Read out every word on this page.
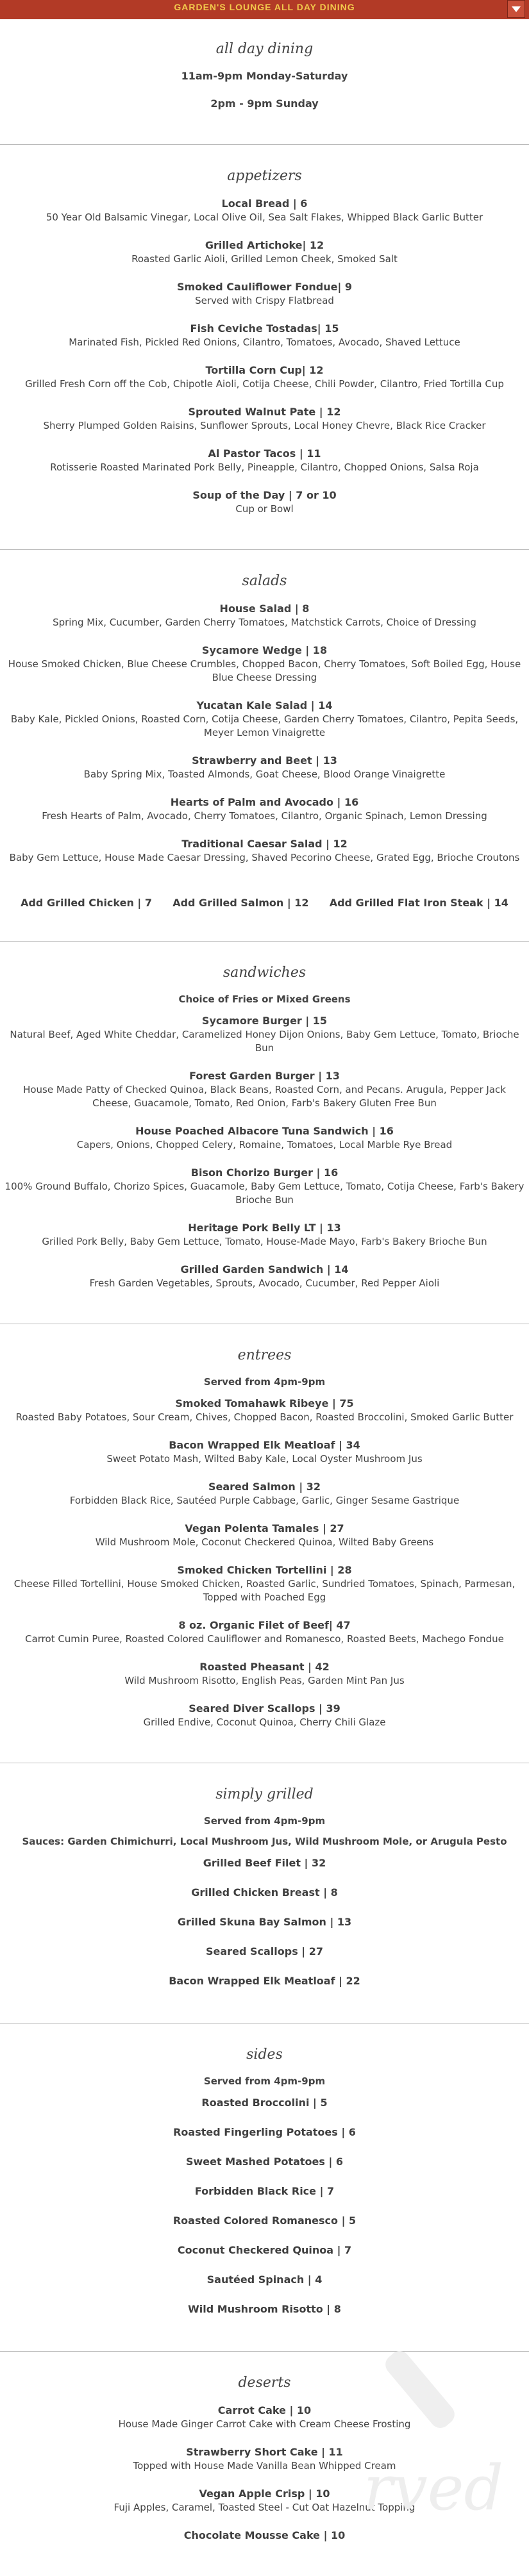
GARDEN'S LOUNGE ALL DAY DINING
all day dining
11am-9pm Monday-Saturday
2pm - 9pm Sunday
appetizers
Local Bread | 6
50 Year Old Balsamic Vinegar, Local Olive Oil, Sea Salt Flakes, Whipped Black Garlic Butter
Grilled Artichoke| 12
Roasted Garlic Aioli, Grilled Lemon Cheek, Smoked Salt
Smoked Cauliflower Fondue| 9
Served with Crispy Flatbread
Fish Ceviche Tostadas| 15
Marinated Fish, Pickled Red Onions, Cilantro, Tomatoes, Avocado, Shaved Lettuce
Tortilla Corn Cup| 12
Grilled Fresh Corn off the Cob, Chipotle Aioli, Cotija Cheese, Chili Powder, Cilantro, Fried Tortilla Cup
Sprouted Walnut Pate | 12
Sherry Plumped Golden Raisins, Sunflower Sprouts, Local Honey Chevre, Black Rice Cracker
Al Pastor Tacos | 11
Rotisserie Roasted Marinated Pork Belly, Pineapple, Cilantro, Chopped Onions, Salsa Roja
Soup of the Day | 7 or 10
Cup or Bowl
salads
House Salad | 8
Spring Mix, Cucumber, Garden Cherry Tomatoes, Matchstick Carrots, Choice of Dressing
Sycamore Wedge | 18
House Smoked Chicken, Blue Cheese Crumbles, Chopped Bacon, Cherry Tomatoes, Soft Boiled Egg, House Blue Cheese Dressing
Yucatan Kale Salad | 14
Baby Kale, Pickled Onions, Roasted Corn, Cotija Cheese, Garden Cherry Tomatoes, Cilantro, Pepita Seeds, Meyer Lemon Vinaigrette
Strawberry and Beet | 13
Baby Spring Mix, Toasted Almonds, Goat Cheese, Blood Orange Vinaigrette
Hearts of Palm and Avocado | 16
Fresh Hearts of Palm, Avocado, Cherry Tomatoes, Cilantro, Organic Spinach, Lemon Dressing
Traditional Caesar Salad | 12
Baby Gem Lettuce, House Made Caesar Dressing, Shaved Pecorino Cheese, Grated Egg, Brioche Croutons
Add Grilled Chicken | 7 Add Grilled Salmon | 12 Add Grilled Flat Iron Steak | 14
sandwiches
Choice of Fries or Mixed Greens
Sycamore Burger | 15
Natural Beef, Aged White Cheddar, Caramelized Honey Dijon Onions, Baby Gem Lettuce, Tomato, Brioche Bun
Forest Garden Burger | 13
House Made Patty of Checked Quinoa, Black Beans, Roasted Corn, and Pecans. Arugula, Pepper Jack Cheese, Guacamole, Tomato, Red Onion, Farb's Bakery Gluten Free Bun
House Poached Albacore Tuna Sandwich | 16
Capers, Onions, Chopped Celery, Romaine, Tomatoes, Local Marble Rye Bread
Bison Chorizo Burger | 16
100% Ground Buffalo, Chorizo Spices, Guacamole, Baby Gem Lettuce, Tomato, Cotija Cheese, Farb's Bakery Brioche Bun
Heritage Pork Belly LT | 13
Grilled Pork Belly, Baby Gem Lettuce, Tomato, House-Made Mayo, Farb's Bakery Brioche Bun
Grilled Garden Sandwich | 14
Fresh Garden Vegetables, Sprouts, Avocado, Cucumber, Red Pepper Aioli
entrees
Served from 4pm-9pm
Smoked Tomahawk Ribeye | 75
Roasted Baby Potatoes, Sour Cream, Chives, Chopped Bacon, Roasted Broccolini, Smoked Garlic Butter
Bacon Wrapped Elk Meatloaf | 34
Sweet Potato Mash, Wilted Baby Kale, Local Oyster Mushroom Jus
Seared Salmon | 32
Forbidden Black Rice, Sautéed Purple Cabbage, Garlic, Ginger Sesame Gastrique
Vegan Polenta Tamales | 27
Wild Mushroom Mole, Coconut Checkered Quinoa, Wilted Baby Greens
Smoked Chicken Tortellini | 28
Cheese Filled Tortellini, House Smoked Chicken, Roasted Garlic, Sundried Tomatoes, Spinach, Parmesan, Topped with Poached Egg
8 oz. Organic Filet of Beef| 47
Carrot Cumin Puree, Roasted Colored Cauliflower and Romanesco, Roasted Beets, Machego Fondue
Roasted Pheasant | 42
Wild Mushroom Risotto, English Peas, Garden Mint Pan Jus
Seared Diver Scallops | 39
Grilled Endive, Coconut Quinoa, Cherry Chili Glaze
simply grilled
Served from 4pm-9pm
Sauces: Garden Chimichurri, Local Mushroom Jus, Wild Mushroom Mole, or Arugula Pesto
Grilled Beef Filet | 32
Grilled Chicken Breast | 8
Grilled Skuna Bay Salmon | 13
Seared Scallops | 27
Bacon Wrapped Elk Meatloaf | 22
sides
Served from 4pm-9pm
Roasted Broccolini | 5
Roasted Fingerling Potatoes | 6
Sweet Mashed Potatoes | 6
Forbidden Black Rice | 7
Roasted Colored Romanesco | 5
Coconut Checkered Quinoa | 7
Sautéed Spinach | 4
Wild Mushroom Risotto | 8
deserts
Carrot Cake | 10
House Made Ginger Carrot Cake with Cream Cheese Frosting
Strawberry Short Cake | 11
Topped with House Made Vanilla Bean Whipped Cream
Vegan Apple Crisp | 10
Fuji Apples, Caramel, Toasted Steel - Cut Oat Hazelnut Topping
Chocolate Mousse Cake | 10
rved
